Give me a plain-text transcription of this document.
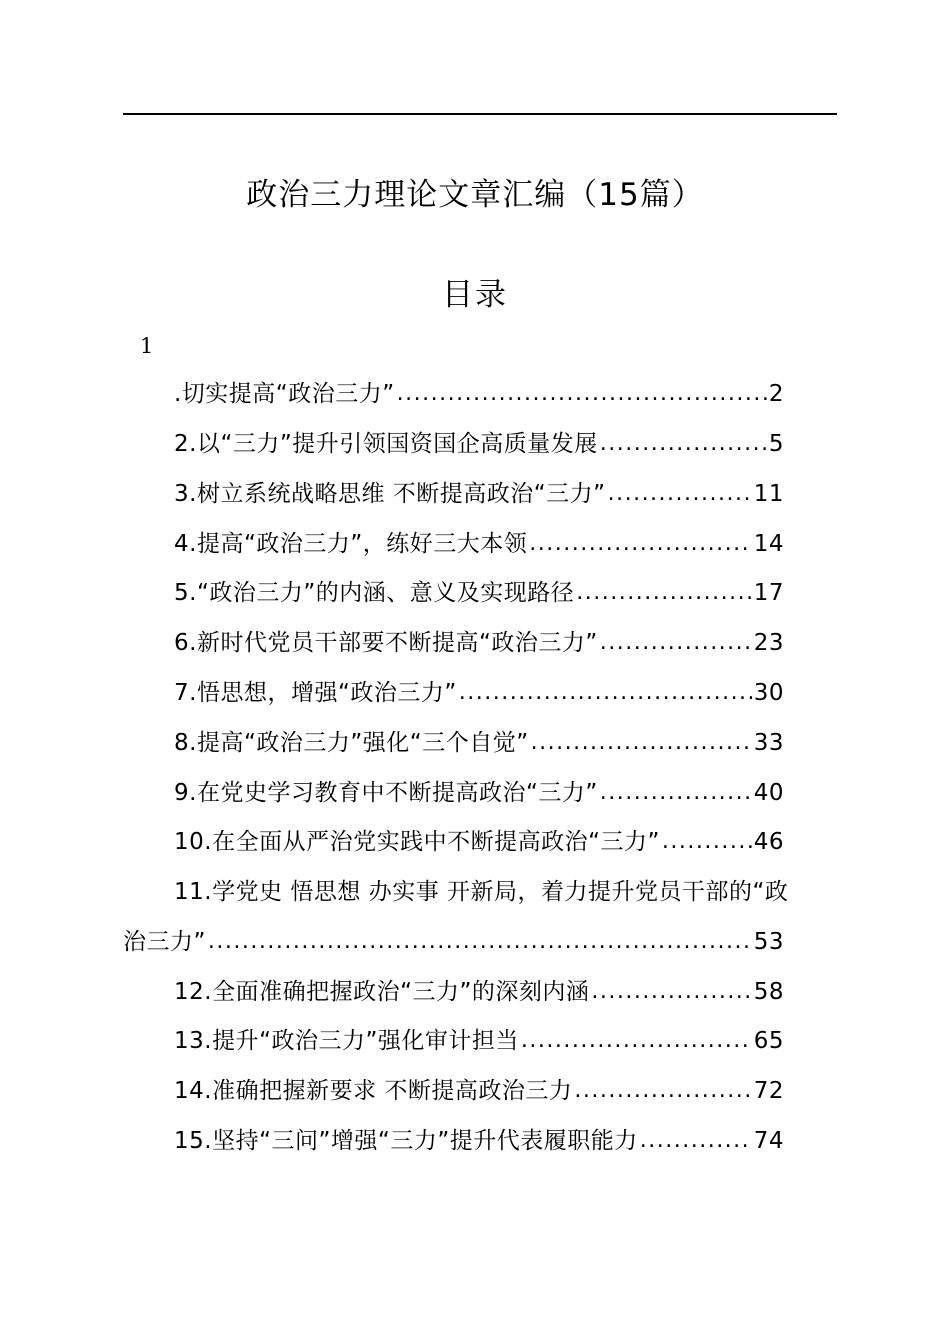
政治三力理论文章汇编（15篇）
目录
1
.切实提高“政治三力” .....	2
2.以“三力”提升引领国资国企高质量发展 .....	5
3.树立系统战略思维 不断提高政治“三力” .....	11
4.提高“政治三力”，练好三大本领 .....	14
5.“政治三力”的内涵、意义及实现路径 .....	17
6.新时代党员干部要不断提高“政治三力” .....	23
7.悟思想，增强“政治三力” .....	30
8.提高“政治三力”强化“三个自觉” .....	33
9.在党史学习教育中不断提高政治“三力” .....	40
10.在全面从严治党实践中不断提高政治“三力” .....	46
11.学党史 悟思想 办实事 开新局，着力提升党员干部的“政
治三力” .....	53
12.全面准确把握政治“三力”的深刻内涵 .....	58
13.提升“政治三力”强化审计担当 .....	65
14.准确把握新要求 不断提高政治三力 .....	72
15.坚持“三问”增强“三力”提升代表履职能力 .....	74
